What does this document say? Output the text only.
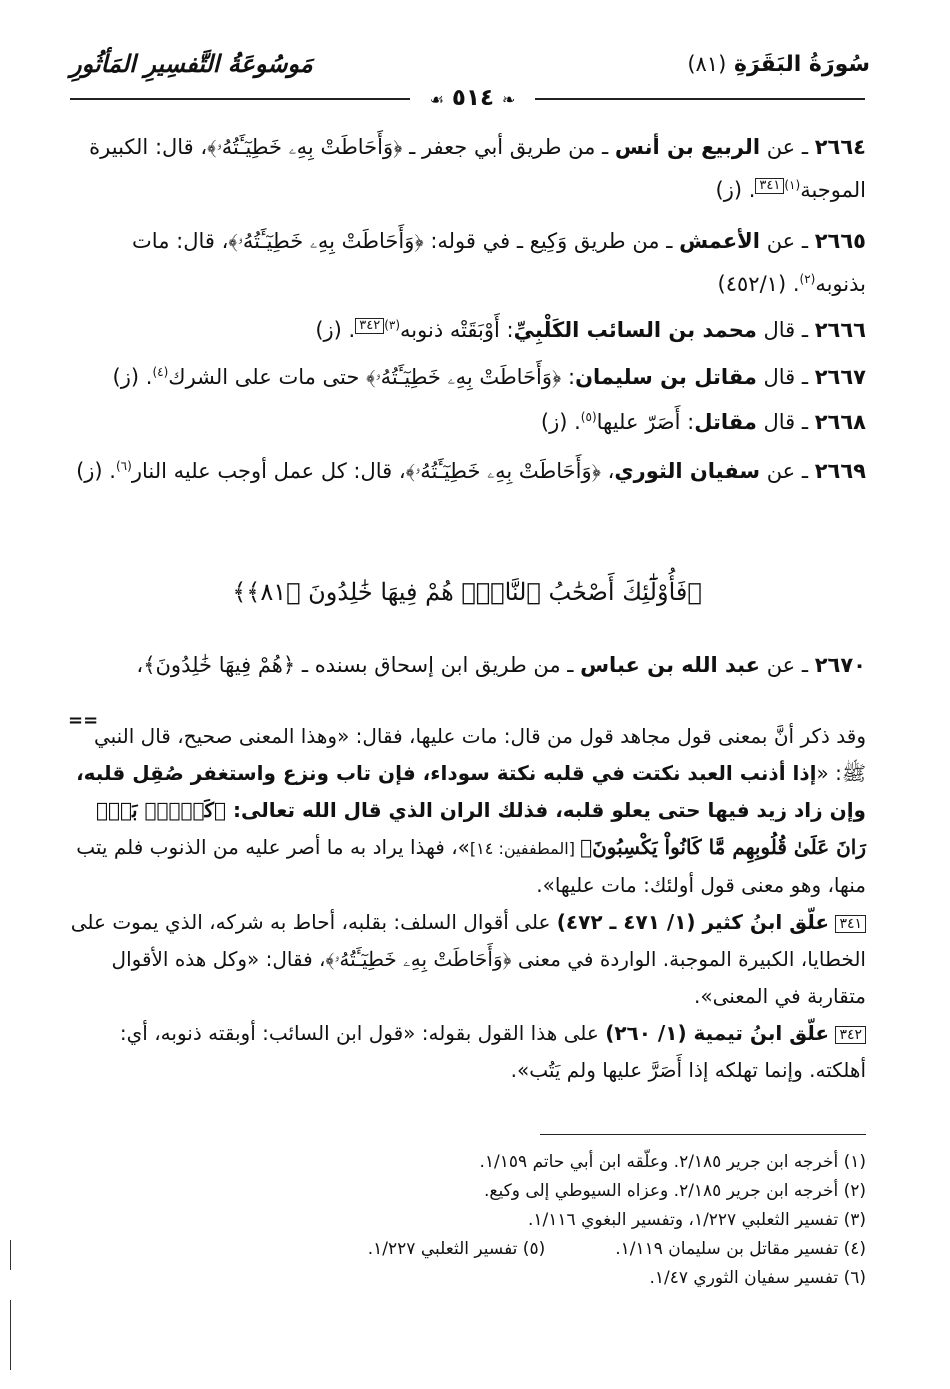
سُورَةُ البَقَرَةِ (٨١)
مَوسُوعَةُ التَّفسِيرِ المَأثُورِ
❧ ٥١٤ ☙

٢٦٦٤ ـ عن الربيع بن أنس ـ من طريق أبي جعفر ـ ﴿وَأَحَاطَتْ بِهِۦ خَطِيٓـَٔتُهُۥ﴾، قال: الكبيرة الموجبة$^{(١)}$٣٤١. (ز)

٢٦٦٥ ـ عن الأعمش ـ من طريق وَكِيع ـ في قوله: ﴿وَأَحَاطَتْ بِهِۦ خَطِيٓـَٔتُهُۥ﴾، قال: مات بذنوبه$^{(٢)}$. (٤٥٢/١)

٢٦٦٦ ـ قال محمد بن السائب الكَلْبِيِّ: أَوْبَقَتْه ذنوبه$^{(٣)}$٣٤٢. (ز)

٢٦٦٧ ـ قال مقاتل بن سليمان: ﴿وَأَحَاطَتْ بِهِۦ خَطِيٓـَٔتُهُۥ﴾ حتى مات على الشرك$^{(٤)}$. (ز)

٢٦٦٨ ـ قال مقاتل: أَصَرّ عليها$^{(٥)}$. (ز)

٢٦٦٩ ـ عن سفيان الثوري، ﴿وَأَحَاطَتْ بِهِۦ خَطِيٓـَٔتُهُۥ﴾، قال: كل عمل أوجب عليه النار$^{(٦)}$. (ز)

﴿فَأُوْلَٰٓئِكَ أَصْحَٰبُ ٱلنَّارِۖ هُمْ فِيهَا خَٰلِدُونَ ﴿٨١﴾﴾

٢٦٧٠ ـ عن عبد الله بن عباس ـ من طريق ابن إسحاق بسنده ـ ﴿هُمْ فِيهَا خَٰلِدُونَ﴾،

==

وقد ذكر أنَّ بمعنى قول مجاهد قول من قال: مات عليها، فقال: «وهذا المعنى صحيح، قال النبي ﷺ: «إذا أذنب العبد نكتت في قلبه نكتة سوداء، فإن تاب ونزع واستغفر صُقِل قلبه، وإن زاد زيد فيها حتى يعلو قلبه، فذلك الران الذي قال الله تعالى: ﴿كَلَّاۖ بَلْۜ رَانَ عَلَىٰ قُلُوبِهِم مَّا كَانُواْ يَكْسِبُونَ﴾ [المطففين: ١٤]»، فهذا يراد به ما أصر عليه من الذنوب فلم يتب منها، وهو معنى قول أولئك: مات عليها».

٣٤١ علّق ابنُ كثير (١/ ٤٧١ ـ ٤٧٢) على أقوال السلف: بقلبه، أحاط به شركه، الذي يموت على الخطايا، الكبيرة الموجبة. الواردة في معنى ﴿وَأَحَاطَتْ بِهِۦ خَطِيٓـَٔتُهُۥ﴾، فقال: «وكل هذه الأقوال متقاربة في المعنى».

٣٤٢ علّق ابنُ تيمية (١/ ٢٦٠) على هذا القول بقوله: «قول ابن السائب: أوبقته ذنوبه، أي: أهلكته. وإنما تهلكه إذا أَصَرَّ عليها ولم يَتُب».

(١) أخرجه ابن جرير ٢/١٨٥. وعلّقه ابن أبي حاتم ١/١٥٩.
(٢) أخرجه ابن جرير ٢/١٨٥. وعزاه السيوطي إلى وكيع.
(٣) تفسير الثعلبي ١/٢٢٧، وتفسير البغوي ١/١١٦.
(٤) تفسير مقاتل بن سليمان ١/١١٩.
(٥) تفسير الثعلبي ١/٢٢٧.
(٦) تفسير سفيان الثوري ١/٤٧.
